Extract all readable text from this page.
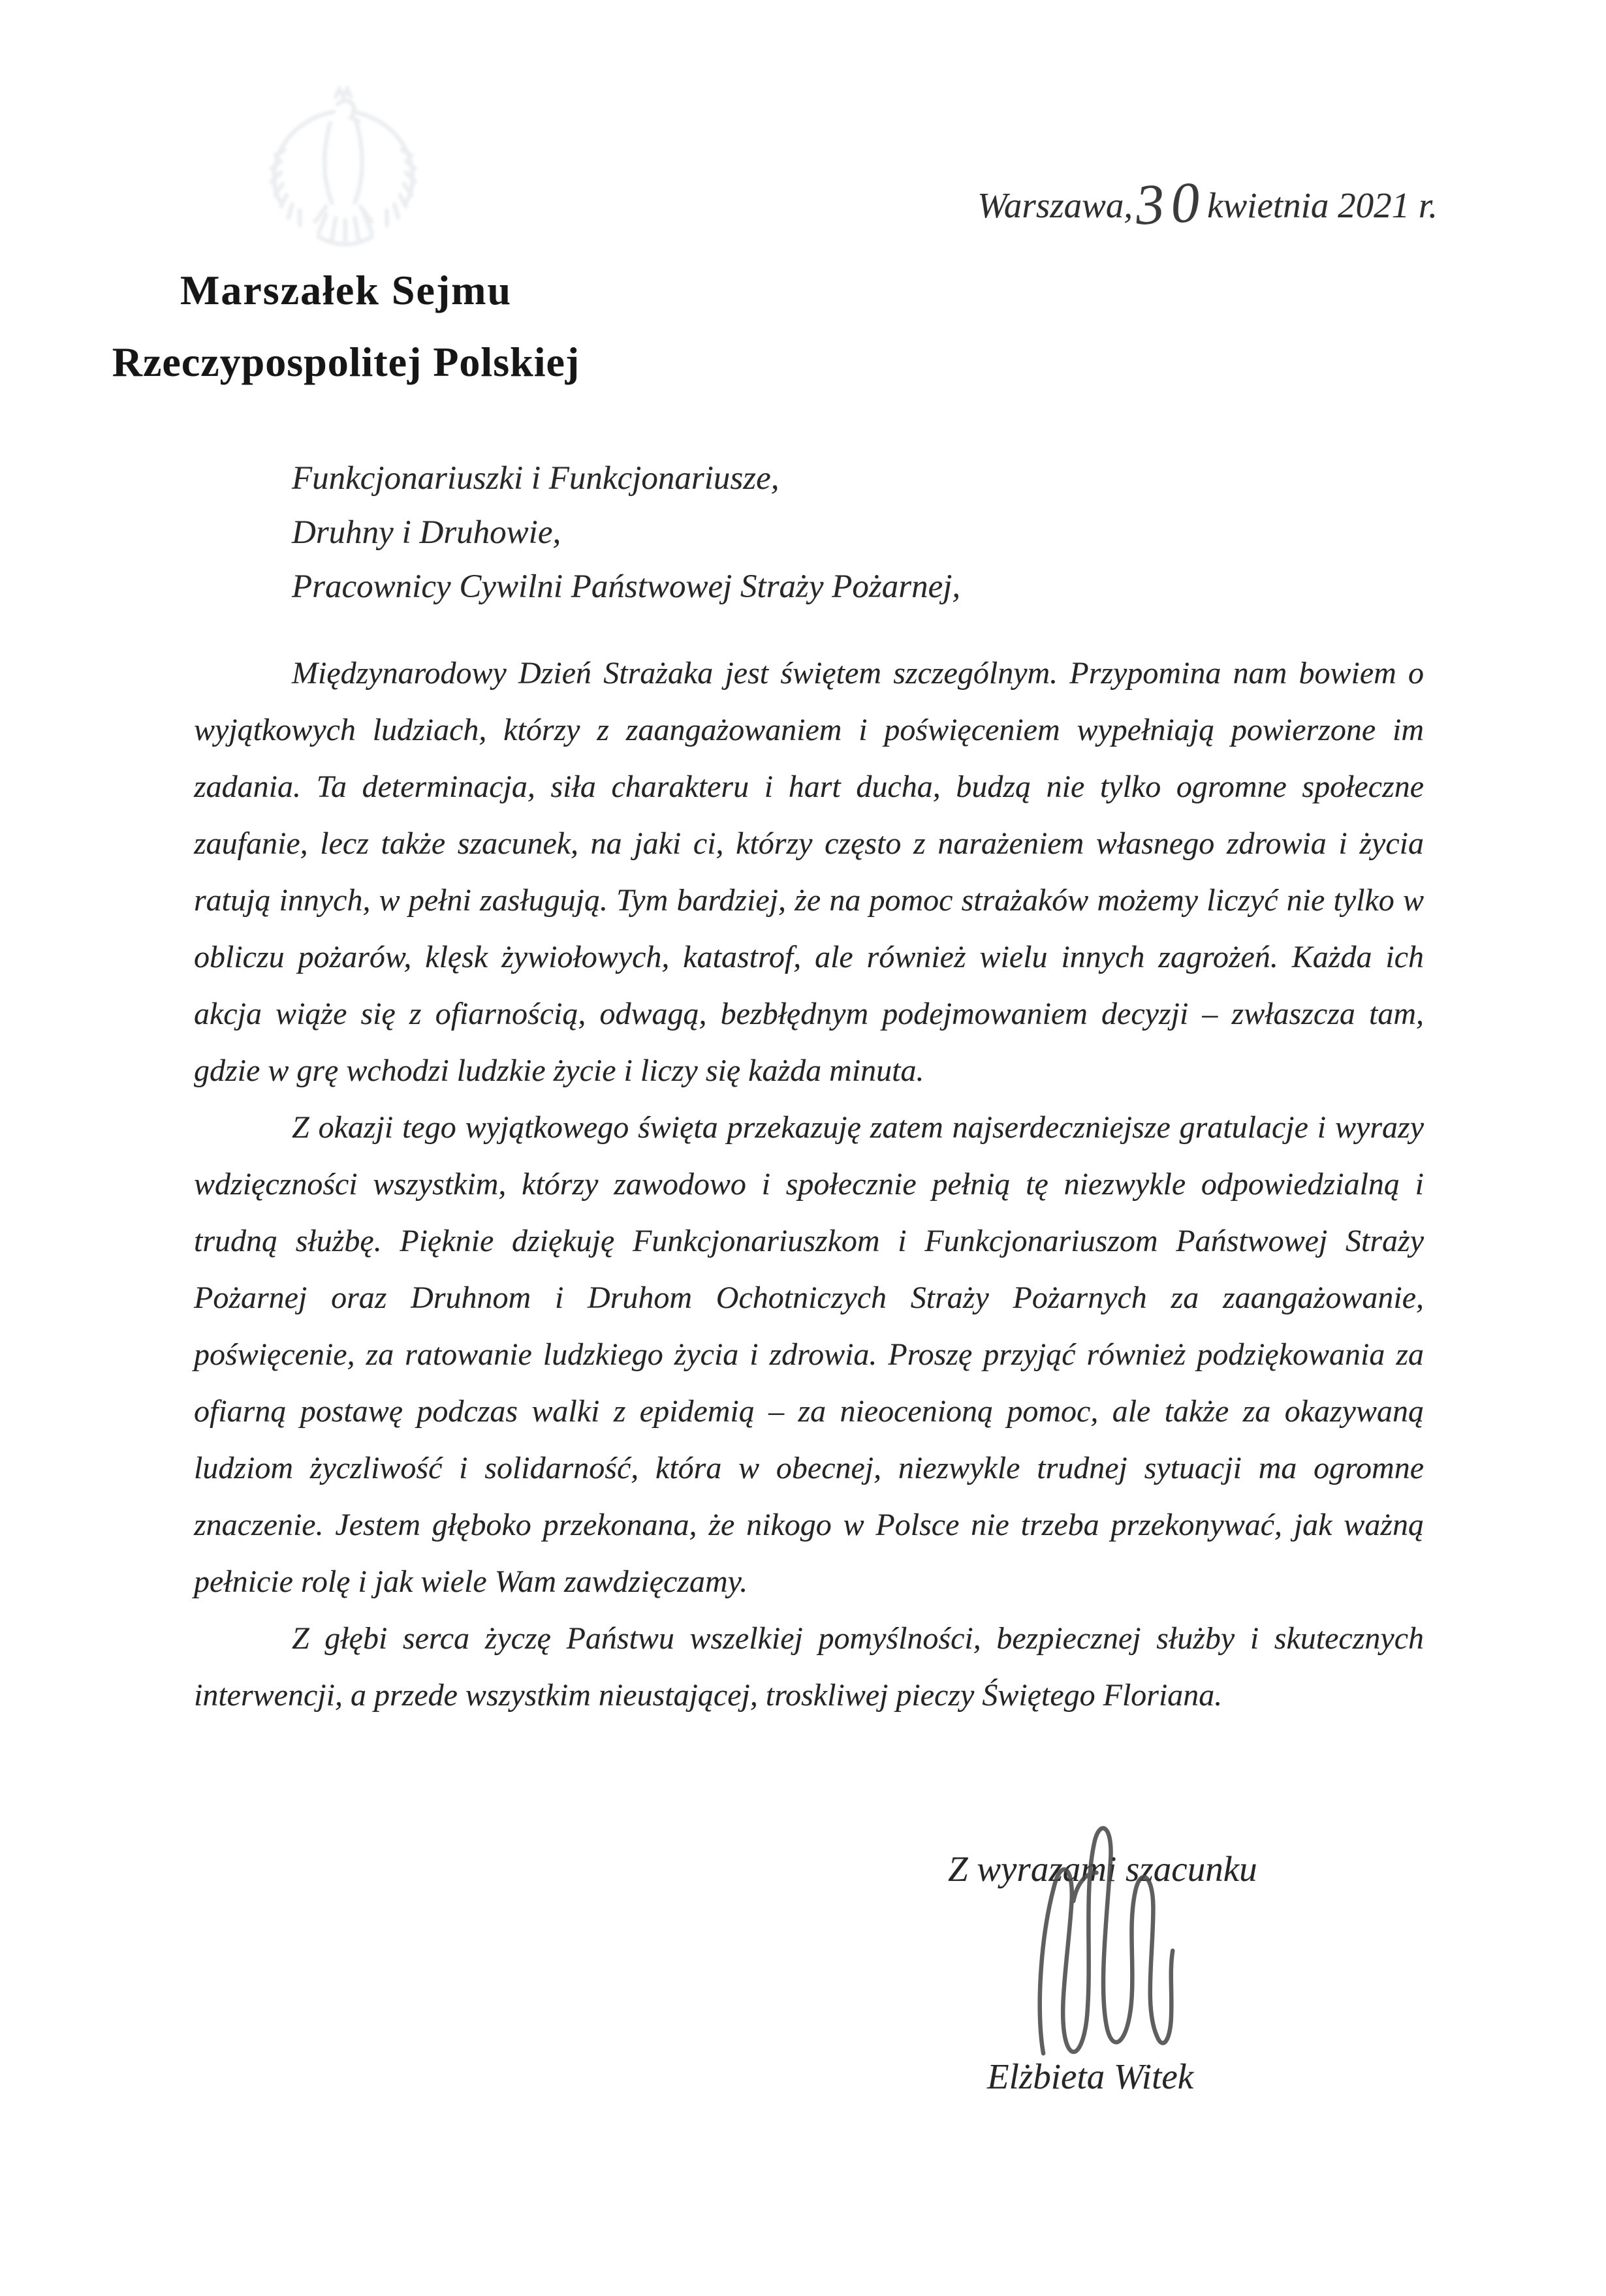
Warszawa,30kwietnia 2021 r.
Marszałek Sejmu
Rzeczypospolitej Polskiej
Funkcjonariuszki i Funkcjonariusze,
Druhny i Druhowie,
Pracownicy Cywilni Państwowej Straży Pożarnej,

Międzynarodowy Dzień Strażaka jest świętem szczególnym. Przypomina nam bowiem o wyjątkowych ludziach, którzy z zaangażowaniem i poświęceniem wypełniają powierzone im zadania. Ta determinacja, siła charakteru i hart ducha, budzą nie tylko ogromne społeczne zaufanie, lecz także szacunek, na jaki ci, którzy często z narażeniem własnego zdrowia i życia ratują innych, w pełni zasługują. Tym bardziej, że na pomoc strażaków możemy liczyć nie tylko w obliczu pożarów, klęsk żywiołowych, katastrof, ale również wielu innych zagrożeń. Każda ich akcja wiąże się z ofiarnością, odwagą, bezbłędnym podejmowaniem decyzji – zwłaszcza tam, gdzie w grę wchodzi ludzkie życie i liczy się każda minuta.

Z okazji tego wyjątkowego święta przekazuję zatem najserdeczniejsze gratulacje i wyrazy wdzięczności wszystkim, którzy zawodowo i społecznie pełnią tę niezwykle odpowiedzialną i trudną służbę. Pięknie dziękuję Funkcjonariuszkom i Funkcjonariuszom Państwowej Straży Pożarnej oraz Druhnom i Druhom Ochotniczych Straży Pożarnych za zaangażowanie, poświęcenie, za ratowanie ludzkiego życia i zdrowia. Proszę przyjąć również podziękowania za ofiarną postawę podczas walki z epidemią – za nieocenioną pomoc, ale także za okazywaną ludziom życzliwość i solidarność, która w obecnej, niezwykle trudnej sytuacji ma ogromne znaczenie. Jestem głęboko przekonana, że nikogo w Polsce nie trzeba przekonywać, jak ważną pełnicie rolę i jak wiele Wam zawdzięczamy.

Z głębi serca życzę Państwu wszelkiej pomyślności, bezpiecznej służby i skutecznych interwencji, a przede wszystkim nieustającej, troskliwej pieczy Świętego Floriana.

Z wyrazami szacunku
Elżbieta Witek
